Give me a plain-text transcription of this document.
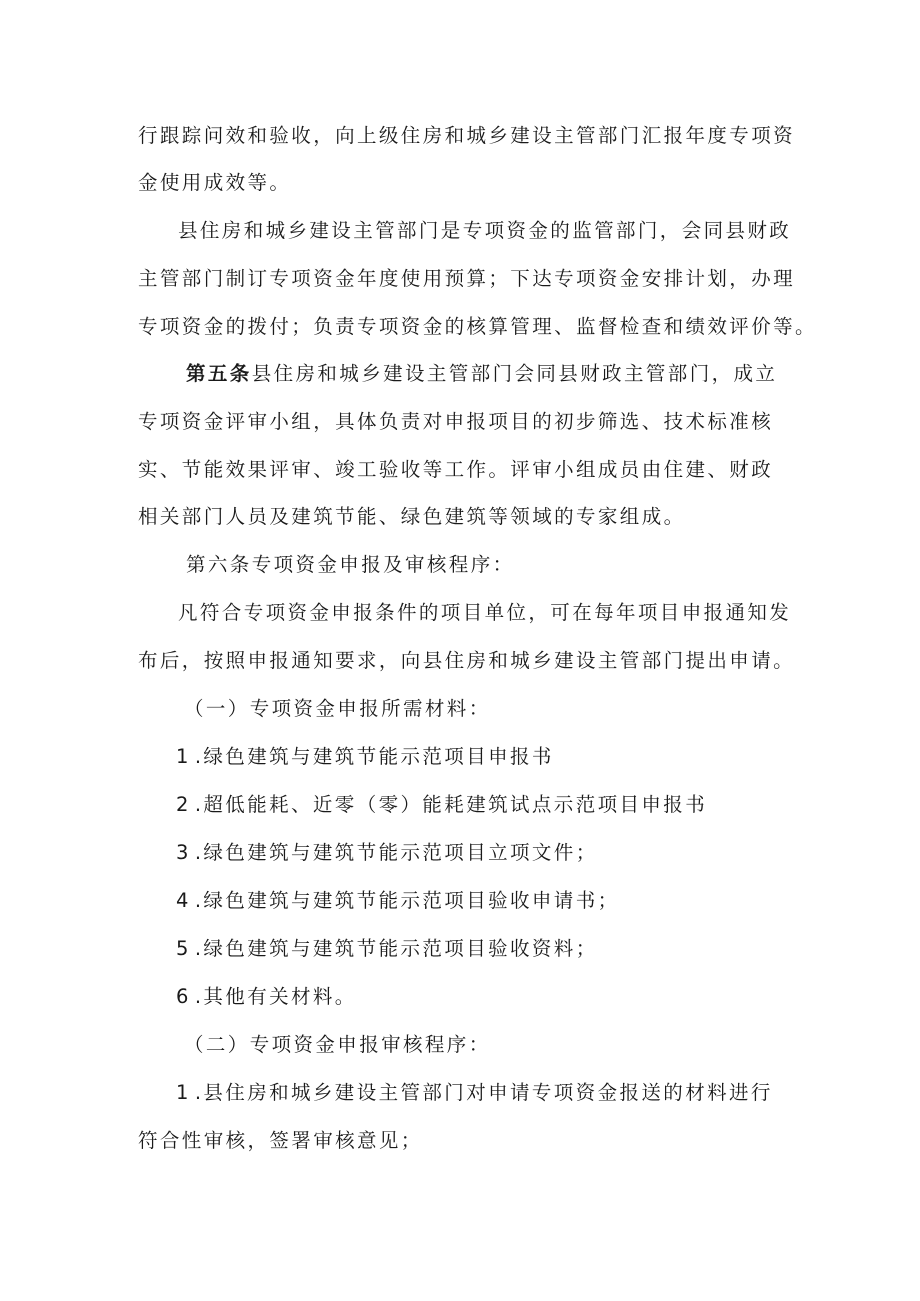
行跟踪问效和验收，向上级住房和城乡建设主管部门汇报年度专项资
金使用成效等。
县住房和城乡建设主管部门是专项资金的监管部门，会同县财政
主管部门制订专项资金年度使用预算；下达专项资金安排计划，办理
专项资金的拨付；负责专项资金的核算管理、监督检查和绩效评价等。
第五条县住房和城乡建设主管部门会同县财政主管部门，成立
专项资金评审小组，具体负责对申报项目的初步筛选、技术标准核
实、节能效果评审、竣工验收等工作。评审小组成员由住建、财政
相关部门人员及建筑节能、绿色建筑等领域的专家组成。
第六条专项资金申报及审核程序：
凡符合专项资金申报条件的项目单位，可在每年项目申报通知发
布后，按照申报通知要求，向县住房和城乡建设主管部门提出申请。
（一）专项资金申报所需材料：
1 .绿色建筑与建筑节能示范项目申报书
2 .超低能耗、近零（零）能耗建筑试点示范项目申报书
3 .绿色建筑与建筑节能示范项目立项文件；
4 .绿色建筑与建筑节能示范项目验收申请书；
5 .绿色建筑与建筑节能示范项目验收资料；
6 .其他有关材料。
（二）专项资金申报审核程序：
1 .县住房和城乡建设主管部门对申请专项资金报送的材料进行
符合性审核，签署审核意见；
